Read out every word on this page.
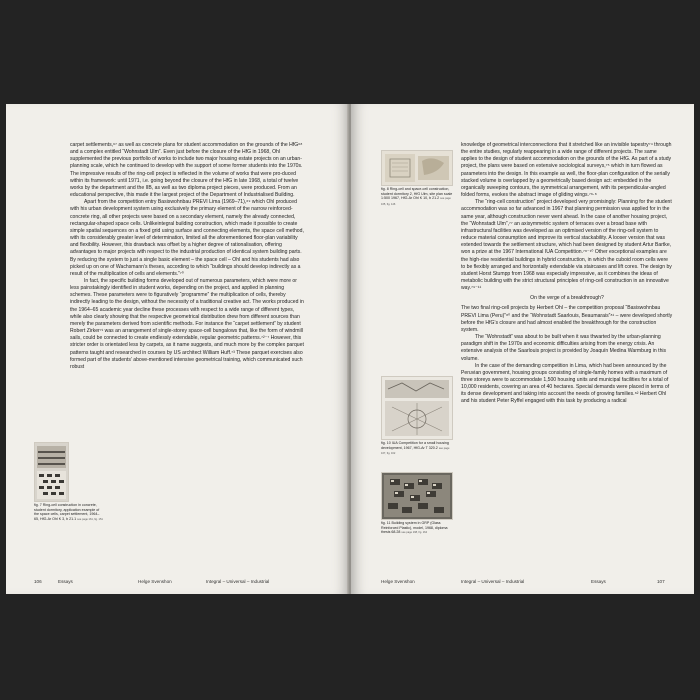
carpet settlements,⁶⁷ as well as concrete plans for student accommodation on the grounds of the HfG⁶⁸ and a complex entitled “Wohnstadt Ulm”. Even just before the closure of the HfG in 1968, Ohl supplemented the previous portfolio of works to include two major housing estate projects on an urban-planning scale, which he continued to develop with the support of some former students into the 1970s. The impressive results of the ring-cell project is reflected in the volume of works that were pro-duced within its framework: until 1971, i.e. going beyond the closure of the HfG in late 1968, a total of twelve works by the department and the IIB, as well as two diploma project pieces, were produced. From an educational perspective, this made it the largest project of the Department of Industrialised Building.

Apart from the competition entry Basiswohnbau PREVI Lima (1969–71),⁶⁹ which Ohl produced with his urban development system using exclusively the primary element of the narrow reinforced-concrete ring, all other projects were based on a secondary element, namely the already connected, rectangular-shaped space cells. Unlikeintegral building construction, which made it possible to create simple spatial sequences on a fixed grid using surface and connecting elements, the space cell method, with its considerably greater level of determination, limited all the aforementioned floor-plan variability and flexibility. However, this drawback was offset by a higher degree of rationalisation, offering advantages to major projects with respect to the industrial production of identical system building parts. By reducing the system to just a single basic element – the space cell – Ohl and his students had also picked up on one of Wachsmann’s theses, according to which “buildings should develop indirectly as a result of the multiplication of cells and elements.”⁷⁰

In fact, the specific building forms developed out of numerous parameters, which were more or less painstakingly identified in student works, depending on the project, and applied in planning schemes. These parameters were to figuratively “programme” the multiplication of cells, thereby indirectly leading to the design, without the necessity of a traditional creative act. The works produced in the 1964–65 academic year decline these processes with respect to a wide range of different types, while also clearly showing that the respective geometrical distribution drew from different sources than merely the parameters derived from scientific methods. For instance the “carpet settlement” by student Robert Zirker⁷¹ was an arrangement of single-storey space-cell bungalows that, like the form of windmill sails, could be connected to create endlessly extendable, regular geometric patterns.⁷²⁻⁷ However, this stricter order is orientated less by carpets, as it name suggests, and much more by the complex parquet patterns taught and researched in courses by US architect William Huff.⁷³ These parquet exercises also formed part of the students’ above-mentioned intensive geometrical training, which communicated such robust

fig. 7 Ring-cell construction in concrete, student dormitory, application example of the space cells, carpet settlement, 1964–65, HfG-Ar Ohl K 3, b 21.1 see page 161, fig. 151
106	Essays	Helge Svenshon	Integral – Universal – Industrial

knowledge of geometrical interconnections that it stretched like an invisible tapestry⁷⁴ through the entire studies, regularly reappearing in a wide range of different projects. The same applies to the design of student accommodation on the grounds of the HfG. As part of a study project, the plans were based on extensive sociological surveys,⁷⁵ which in turn flowed as parameters into the design. In this example as well, the floor-plan configuration of the serially stacked volume is overlapped by a geometrically based design act: embedded in the organically sweeping contours, the symmetrical arrangement, with its perpendicular-angled folded forms, evokes the abstract image of gliding wings.⁷⁶·⁸

The “ring-cell construction” project developed very promisingly: Planning for the student accommodation was so far advanced in 1967 that planning permission was applied for in the same year, although construction never went ahead. In the case of another housing project, the “Wohnstadt Ulm”,⁷⁷ an axisymmetric system of terraces over a broad base with infrastructural facilities was developed as an optimised version of the ring-cell system to reduce material consumption and improve its vertical stackability. A looser version that was extended towards the settlement structure, which had been designed by student Artur Bartke, won a prize at the 1967 International IUA Competition.⁷⁸⁻¹⁰ Other exceptional examples are the high-rise residential buildings in hybrid construction, in which the cuboid room cells were to be flexibly arranged and horizontally extendable via staircases and lift cores. The design by student Horst Stumpp from 1968 was especially impressive, as it combines the ideas of metabolic building with the strict structural principles of ring-cell construction in an innovative way.⁷⁹⁻¹¹

On the verge of a breakthrough?

The two final ring-cell projects by Herbert Ohl – the competition proposal “Basiswohnbau PREVI Lima (Peru)”⁸⁰ and the “Wohnstadt Saarlouis, Beaumarais”⁸¹ – were developed shortly before the HfG’s closure and had almost enabled the breakthrough for the construction system.

The “Wohnstadt” was about to be built when it was thwarted by the urban-planning paradigm shift in the 1970s and economic difficulties arising from the energy crisis. An extensive analysis of the Saarlouis project is provided by Joaquín Medina Warmburg in this volume.

In the case of the demanding competition in Lima, which had been announced by the Peruvian government, housing groups consisting of single-family homes with a maximum of three storeys were to accommodate 1,500 housing units and municipal facilities for a total of 10,000 residents, covering an area of 40 hectares. Special demands were placed in terms of its dense development and taking into account the needs of growing families.⁸² Herbert Ohl and his student Peter Ryffel engaged with this task by producing a radical

fig. 8 Ring-cell and space-cell construction, student dormitory 2, HfG Ulm, site plan scale 1:500 1967, HfG-Ar Ohl K 10, b 21.2 see page 165, fig. 146
fig. 10 IUA Competition for a small housing development, 1967, HfG-Ar T 320.2 see page 167, fig. 162
fig. 11 Building system in GRP (Glass Reinforced Plastic), model, 1968, diploma thesis 68.28 see page 168, fig. 164
Helge Svenshon	Integral – Universal – Industrial	Essays	107
